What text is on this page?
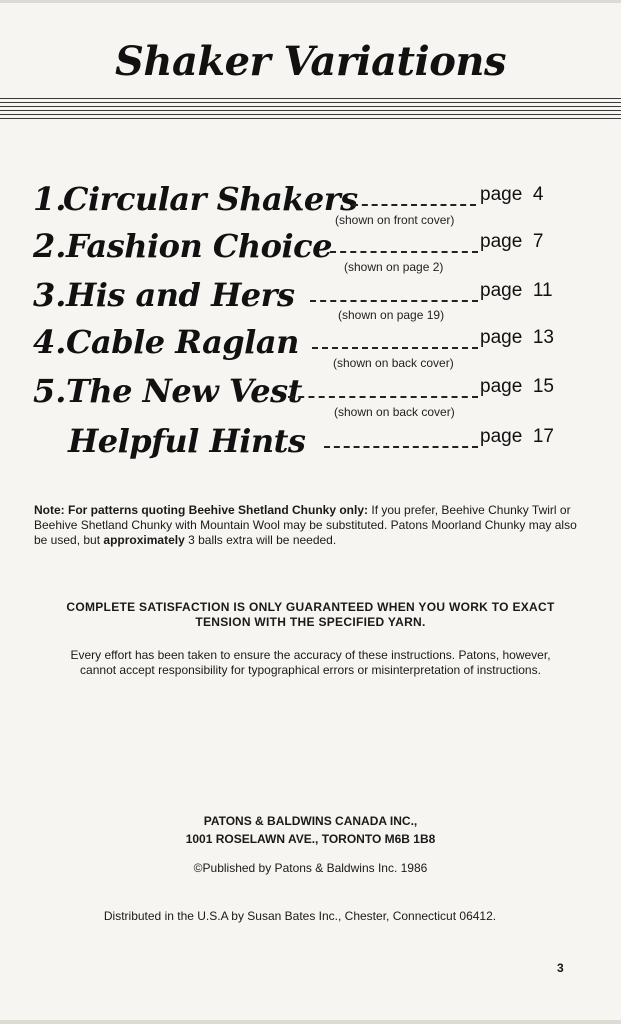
Shaker Variations
1.
Circular Shakers	page 4
(shown on front cover)
2. Fashion Choice	page 7
(shown on page 2)
3. His and Hers	page 11
(shown on page 19)
4. Cable Raglan	page 13
(shown on back cover)
5. The New Vest	page 15
(shown on back cover)
Helpful Hints	page 17
Note: For patterns quoting Beehive Shetland Chunky only: If you prefer, Beehive Chunky Twirl or Beehive Shetland Chunky with Mountain Wool may be substituted. Patons Moorland Chunky may also be used, but approximately 3 balls extra will be needed.
COMPLETE SATISFACTION IS ONLY GUARANTEED WHEN YOU WORK TO EXACT
TENSION WITH THE SPECIFIED YARN.
Every effort has been taken to ensure the accuracy of these instructions. Patons, however,
cannot accept responsibility for typographical errors or misinterpretation of instructions.
PATONS & BALDWINS CANADA INC.,
1001 ROSELAWN AVE., TORONTO M6B 1B8
©Published by Patons & Baldwins Inc. 1986
Distributed in the U.S.A by Susan Bates Inc., Chester, Connecticut 06412.
3
